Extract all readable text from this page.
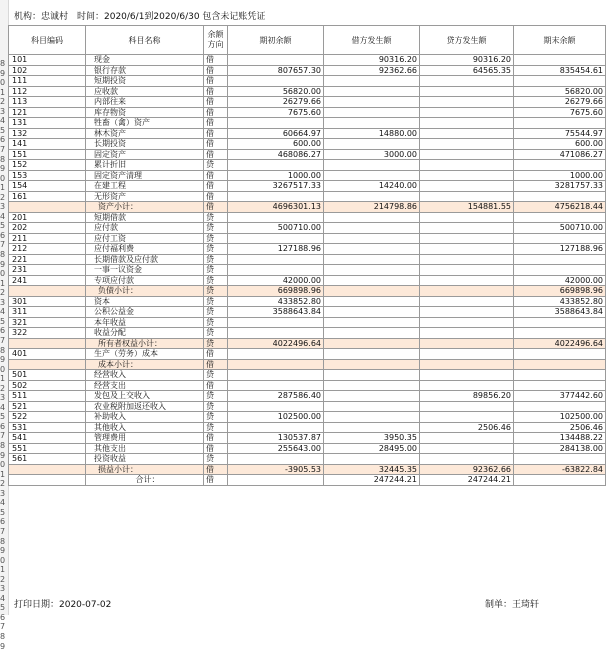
8
9
0
1
2
3
4
5
6
7
8
9
0
1
2
3
4
5
6
7
8
9
0
1
2
3
4
5
6
7
8
9
0
1
2
3
4
5
6
7
8
9
0
1
2
3
4
5
6
7
8
9
0
1
2
3
4
5
6
7
8
9
机构：忠诚村　时间：2020/6/1到2020/6/30 包含未记账凭证
科目编码	科目名称	余额方向	期初余额	借方发生额	贷方发生额	期末余额
101	现金	借		90316.20	90316.20	
102	银行存款	借	807657.30	92362.66	64565.35	835454.61
111	短期投资	借				
112	应收款	借	56820.00			56820.00
113	内部往来	借	26279.66			26279.66
121	库存物资	借	7675.60			7675.60
131	牲畜（禽）资产	借				
132	林木资产	借	60664.97	14880.00		75544.97
141	长期投资	借	600.00			600.00
151	固定资产	借	468086.27	3000.00		471086.27
152	累计折旧	贷				
153	固定资产清理	借	1000.00			1000.00
154	在建工程	借	3267517.33	14240.00		3281757.33
161	无形资产	借				
	资产小计：	借	4696301.13	214798.86	154881.55	4756218.44
201	短期借款	贷				
202	应付款	贷	500710.00			500710.00
211	应付工资	贷				
212	应付福利费	贷	127188.96			127188.96
221	长期借款及应付款	贷				
231	一事一议资金	贷				
241	专项应付款	贷	42000.00			42000.00
	负债小计：	贷	669898.96			669898.96
301	资本	贷	433852.80			433852.80
311	公积公益金	贷	3588643.84			3588643.84
321	本年收益	贷				
322	收益分配	贷				
	所有者权益小计：	贷	4022496.64			4022496.64
401	生产（劳务）成本	借				
	成本小计：	借				
501	经营收入	贷				
502	经营支出	借				
511	发包及上交收入	贷	287586.40		89856.20	377442.60
521	农业税附加返还收入	贷				
522	补助收入	贷	102500.00			102500.00
531	其他收入	贷			2506.46	2506.46
541	管理费用	借	130537.87	3950.35		134488.22
551	其他支出	借	255643.00	28495.00		284138.00
561	投资收益	贷				
	损益小计：	借	-3905.53	32445.35	92362.66	-63822.84
	合计：	借		247244.21	247244.21	
打印日期：2020-07-02	制单：王琦轩
